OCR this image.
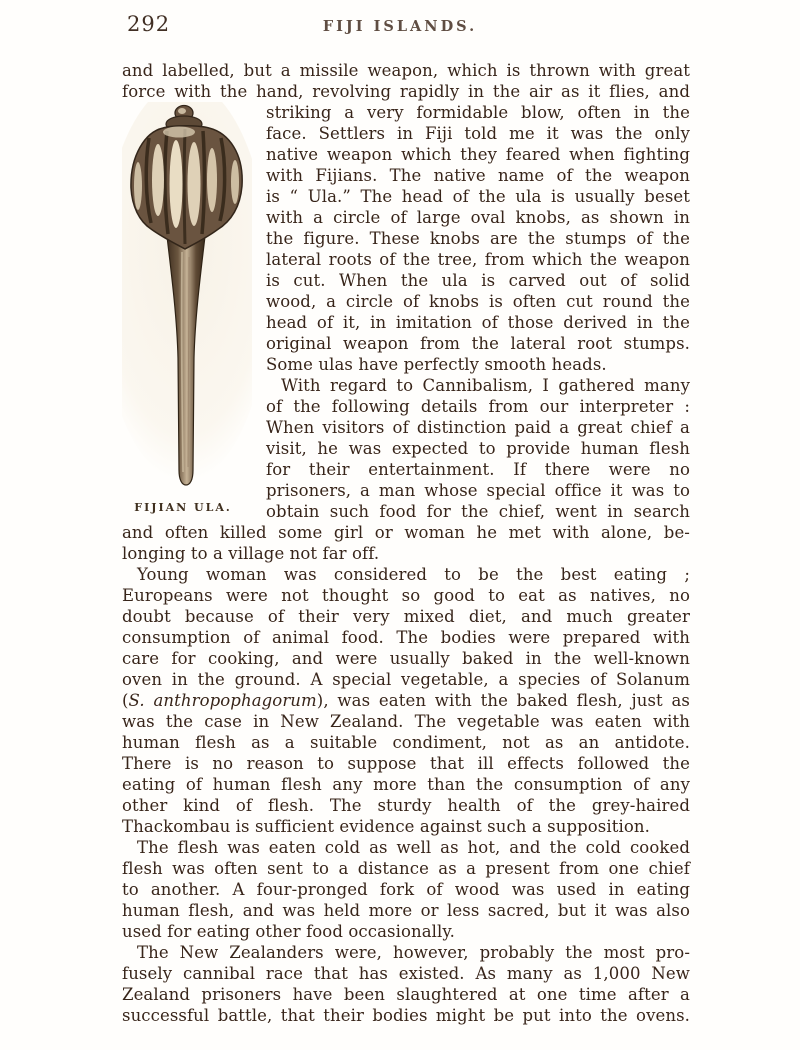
292	FIJI ISLANDS.
and labelled, but a missile weapon, which is thrown with great
force with the hand, revolving rapidly in the air as it flies, and
FIJIAN ULA.
striking a very formidable blow, often in the
face. Settlers in Fiji told me it was the only
native weapon which they feared when fighting
with Fijians. The native name of the weapon
is “ Ula.” The head of the ula is usually beset
with a circle of large oval knobs, as shown in
the figure. These knobs are the stumps of the
lateral roots of the tree, from which the weapon
is cut. When the ula is carved out of solid
wood, a circle of knobs is often cut round the
head of it, in imitation of those derived in the
original weapon from the lateral root stumps.
Some ulas have perfectly smooth heads.
With regard to Cannibalism, I gathered many
of the following details from our interpreter :
When visitors of distinction paid a great chief a
visit, he was expected to provide human flesh
for their entertainment. If there were no
prisoners, a man whose special office it was to
obtain such food for the chief, went in search
and often killed some girl or woman he met with alone, be-
longing to a village not far off.
Young woman was considered to be the best eating ;
Europeans were not thought so good to eat as natives, no
doubt because of their very mixed diet, and much greater
consumption of animal food. The bodies were prepared with
care for cooking, and were usually baked in the well-known
oven in the ground. A special vegetable, a species of Solanum
(S. anthropophagorum), was eaten with the baked flesh, just as
was the case in New Zealand. The vegetable was eaten with
human flesh as a suitable condiment, not as an antidote.
There is no reason to suppose that ill effects followed the
eating of human flesh any more than the consumption of any
other kind of flesh. The sturdy health of the grey-haired
Thackombau is sufficient evidence against such a supposition.
The flesh was eaten cold as well as hot, and the cold cooked
flesh was often sent to a distance as a present from one chief
to another. A four-pronged fork of wood was used in eating
human flesh, and was held more or less sacred, but it was also
used for eating other food occasionally.
The New Zealanders were, however, probably the most pro-
fusely cannibal race that has existed. As many as 1,000 New
Zealand prisoners have been slaughtered at one time after a
successful battle, that their bodies might be put into the ovens.
